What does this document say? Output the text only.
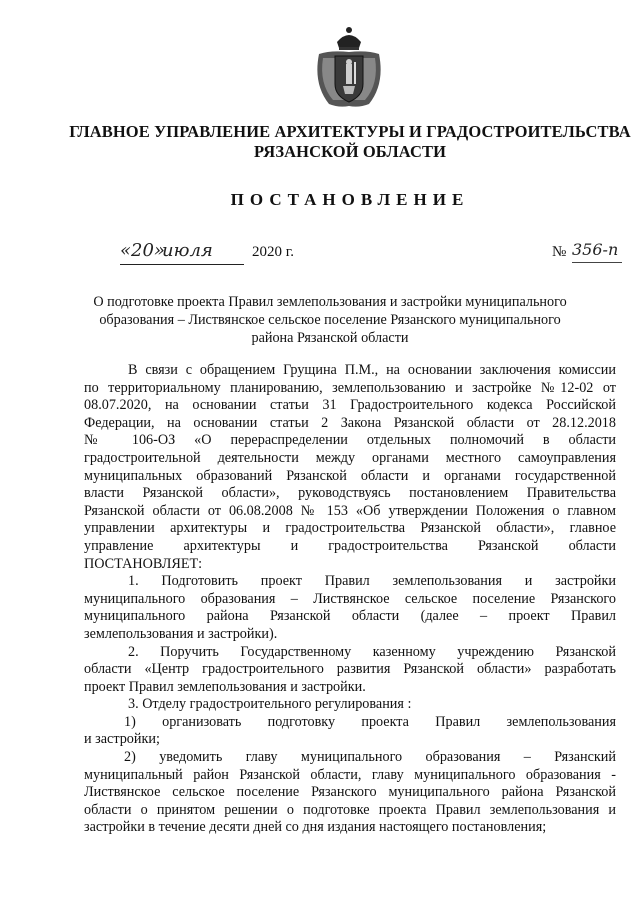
ГЛАВНОЕ УПРАВЛЕНИЕ АРХИТЕКТУРЫ И ГРАДОСТРОИТЕЛЬСТВА
РЯЗАНСКОЙ ОБЛАСТИ
ПОСТАНОВЛЕНИЕ
«20»
июля	2020 г.	№ 356-п
О подготовке проекта Правил землепользования и застройки муниципального
образования – Листвянское сельское поселение Рязанского муниципального
района Рязанской области
В связи с обращением Грущина П.М., на основании заключения комиссии
по территориальному планированию, землепользованию и застройке №12-02 от
08.07.2020, на основании статьи 31 Градостроительного кодекса Российской
Федерации, на основании статьи 2 Закона Рязанской области от 28.12.2018
№ 106-ОЗ «О перераспределении отдельных полномочий в области
градостроительной деятельности между органами местного самоуправления
муниципальных образований Рязанской области и органами государственной
власти Рязанской области», руководствуясь постановлением Правительства
Рязанской области от 06.08.2008 № 153 «Об утверждении Положения о главном
управлении архитектуры и градостроительства Рязанской области», главное
управление архитектуры и градостроительства Рязанской области
ПОСТАНОВЛЯЕТ:
1. Подготовить проект Правил землепользования и застройки
муниципального образования – Листвянское сельское поселение Рязанского
муниципального района Рязанской области (далее – проект Правил
землепользования и застройки).
2. Поручить Государственному казенному учреждению Рязанской
области «Центр градостроительного развития Рязанской области» разработать
проект Правил землепользования и застройки.
3. Отделу градостроительного регулирования :
1) организовать подготовку проекта Правил землепользования
и застройки;
2) уведомить главу муниципального образования – Рязанский
муниципальный район Рязанской области, главу муниципального образования -
Листвянское сельское поселение Рязанского муниципального района Рязанской
области о принятом решении о подготовке проекта Правил землепользования и
застройки в течение десяти дней со дня издания настоящего постановления;
